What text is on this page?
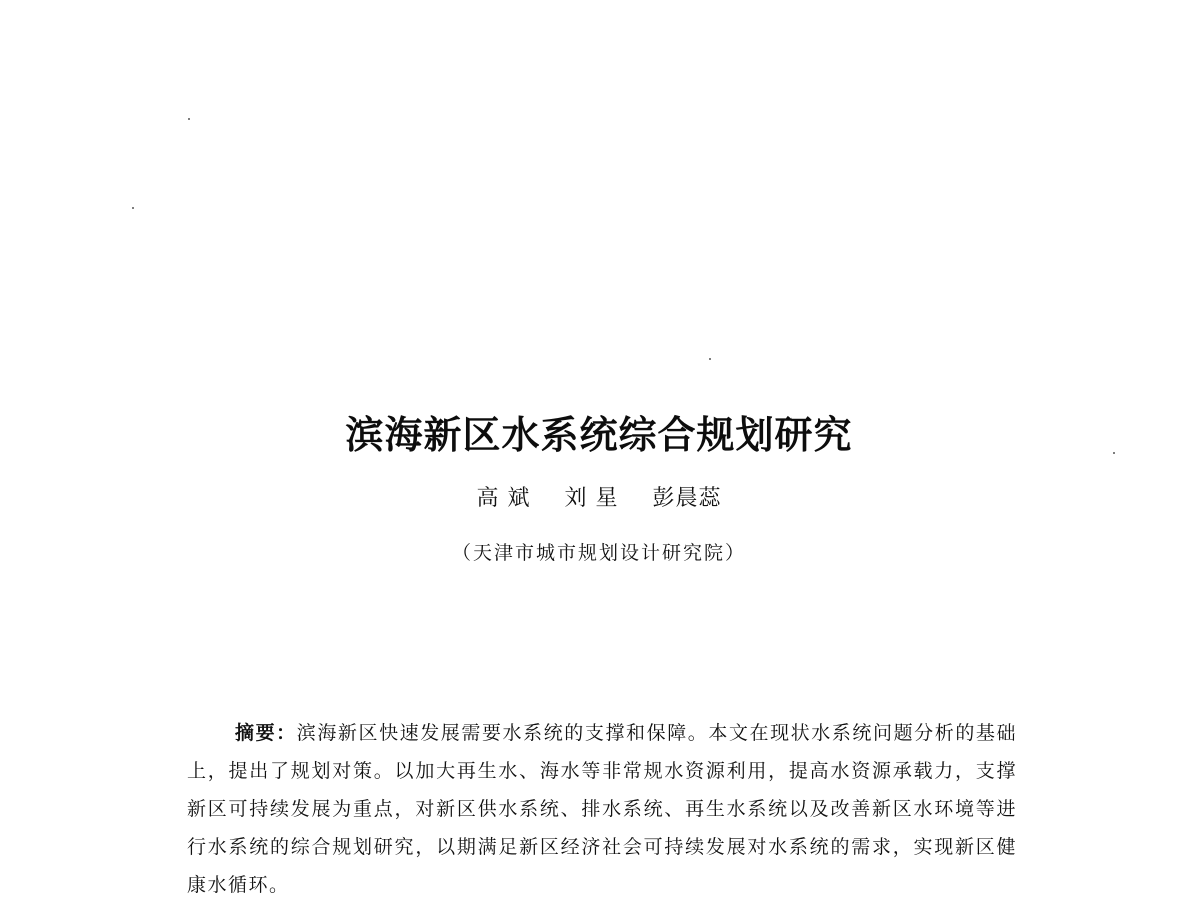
滨海新区水系统综合规划研究
高 斌 刘 星 彭晨蕊
（天津市城市规划设计研究院）

摘要：滨海新区快速发展需要水系统的支撑和保障。本文在现状水系统问题分析的基础上，提出了规划对策。以加大再生水、海水等非常规水资源利用，提高水资源承载力，支撑新区可持续发展为重点，对新区供水系统、排水系统、再生水系统以及改善新区水环境等进行水系统的综合规划研究，以期满足新区经济社会可持续发展对水系统的需求，实现新区健康水循环。
